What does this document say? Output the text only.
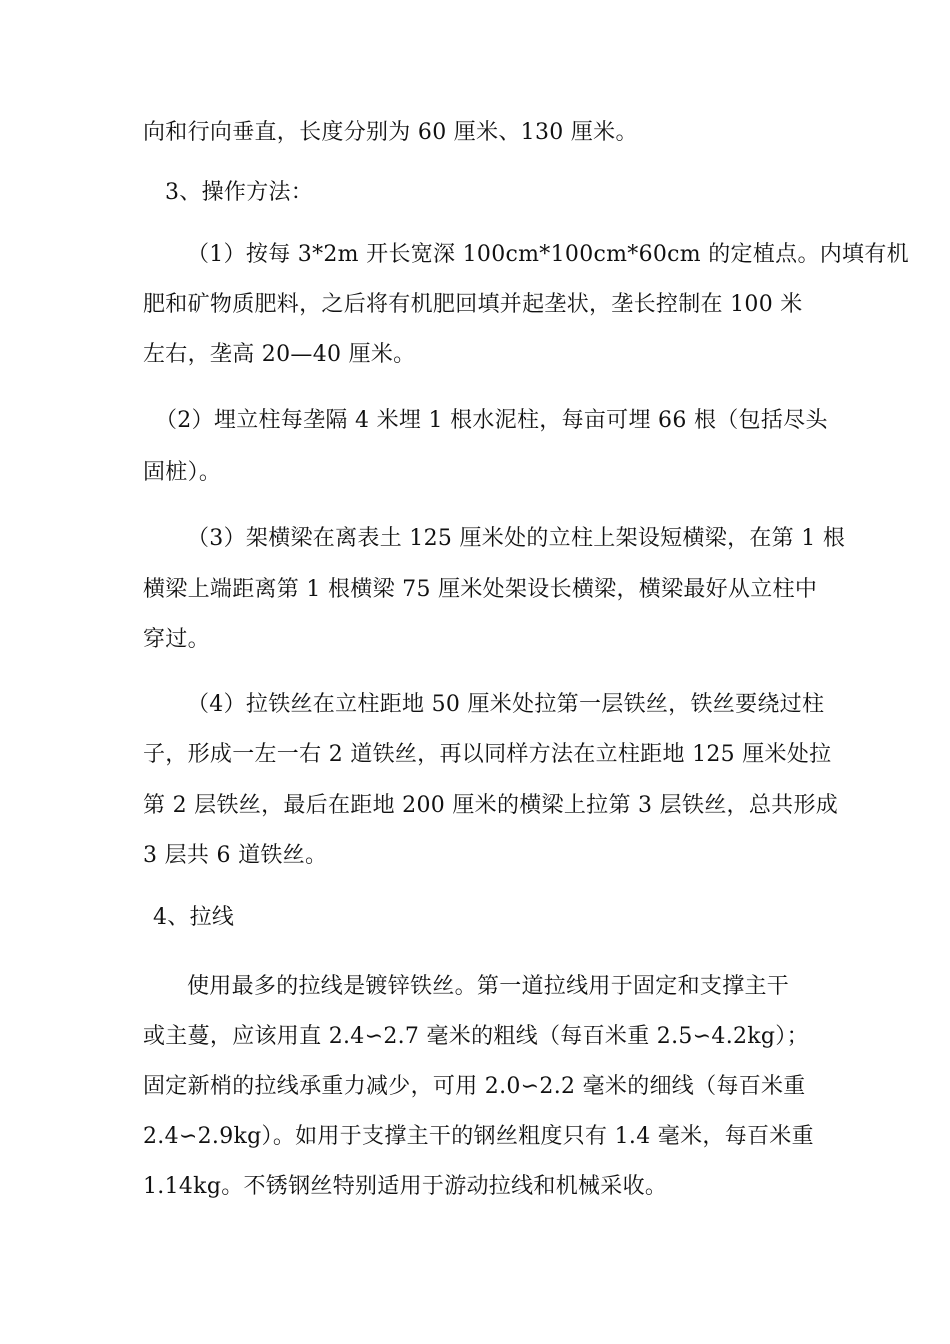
向和行向垂直，长度分别为 60 厘米、130 厘米。
3、操作方法：
（1）按每 3*2m 开长宽深 100cm*100cm*60cm 的定植点。内填有机
肥和矿物质肥料，之后将有机肥回填并起垄状，垄长控制在 100 米
左右，垄高 20—40 厘米。
（2）埋立柱每垄隔 4 米埋 1 根水泥柱，每亩可埋 66 根（包括尽头
固桩）。
（3）架横梁在离表土 125 厘米处的立柱上架设短横梁，在第 1 根
横梁上端距离第 1 根横梁 75 厘米处架设长横梁，横梁最好从立柱中
穿过。
（4）拉铁丝在立柱距地 50 厘米处拉第一层铁丝，铁丝要绕过柱
子，形成一左一右 2 道铁丝，再以同样方法在立柱距地 125 厘米处拉
第 2 层铁丝，最后在距地 200 厘米的横梁上拉第 3 层铁丝，总共形成
3 层共 6 道铁丝。
4、拉线
使用最多的拉线是镀锌铁丝。第一道拉线用于固定和支撑主干
或主蔓，应该用直 2.4∽2.7 毫米的粗线（每百米重 2.5∽4.2kg）；
固定新梢的拉线承重力减少，可用 2.0∽2.2 毫米的细线（每百米重
2.4∽2.9kg）。如用于支撑主干的钢丝粗度只有 1.4 毫米，每百米重
1.14kg。不锈钢丝特别适用于游动拉线和机械采收。
